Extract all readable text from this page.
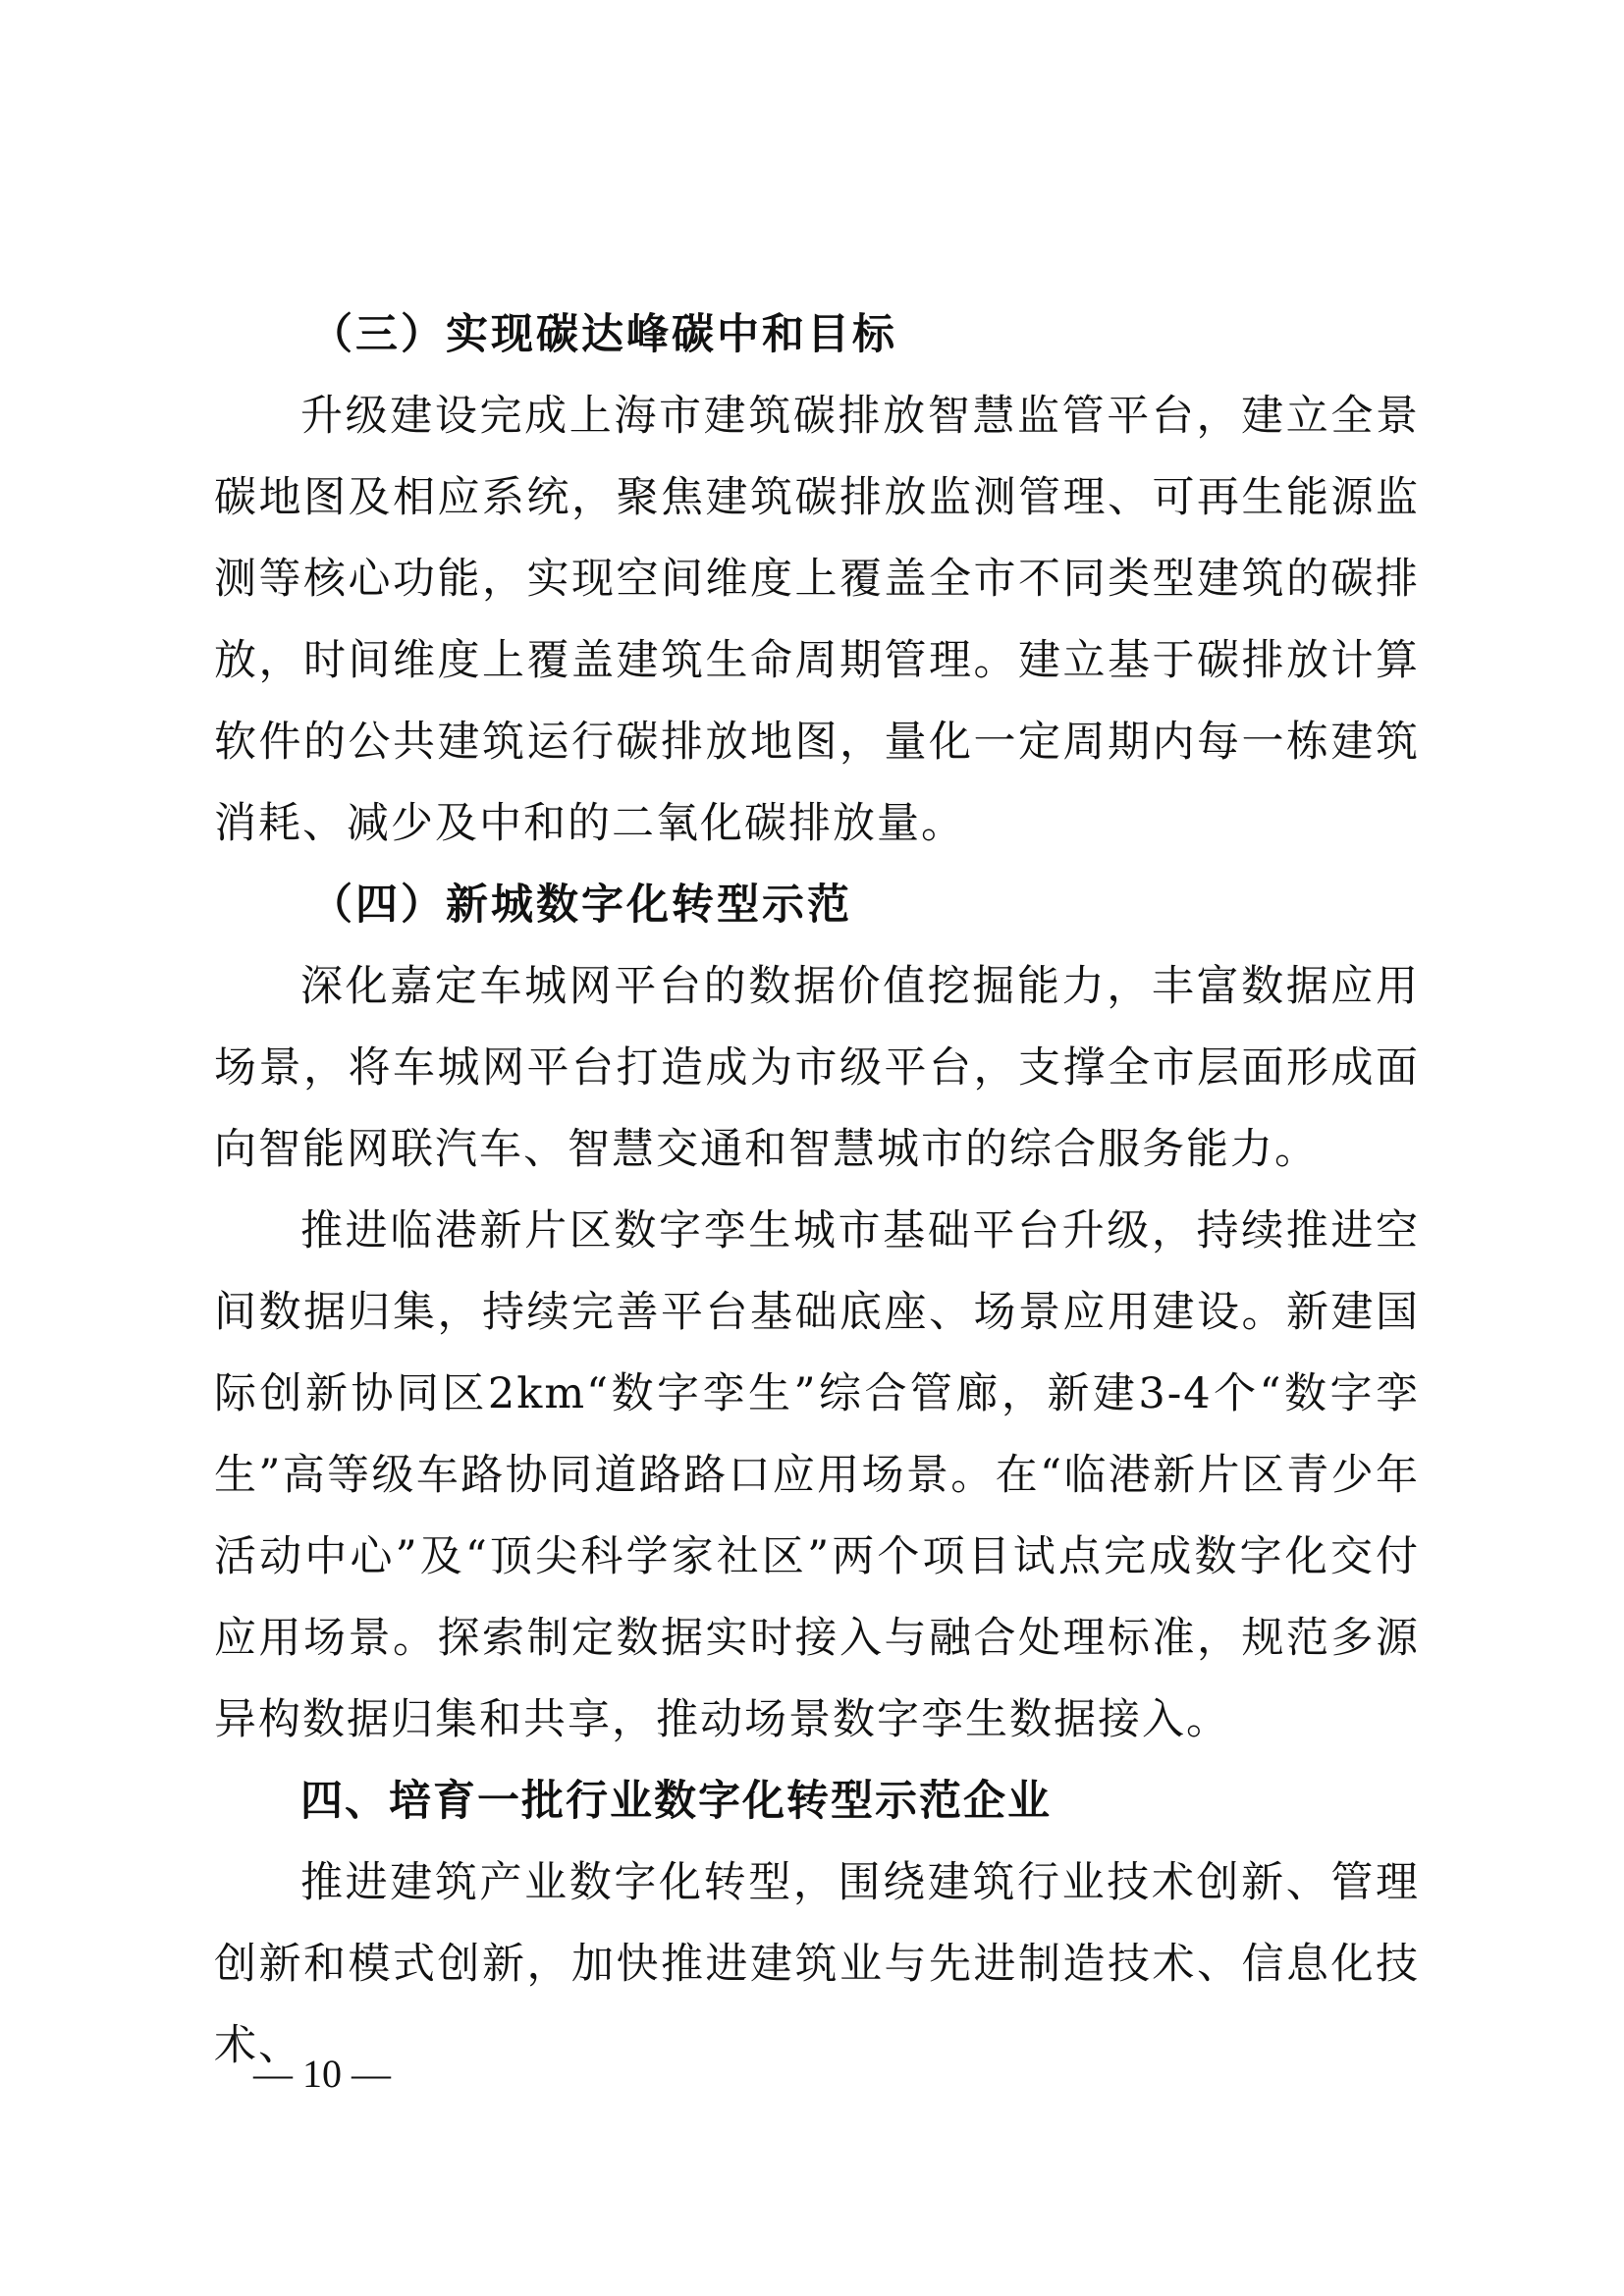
（三）实现碳达峰碳中和目标

升级建设完成上海市建筑碳排放智慧监管平台，建立全景碳地图及相应系统，聚焦建筑碳排放监测管理、可再生能源监测等核心功能，实现空间维度上覆盖全市不同类型建筑的碳排放，时间维度上覆盖建筑生命周期管理。建立基于碳排放计算软件的公共建筑运行碳排放地图，量化一定周期内每一栋建筑消耗、减少及中和的二氧化碳排放量。

（四）新城数字化转型示范

深化嘉定车城网平台的数据价值挖掘能力，丰富数据应用场景，将车城网平台打造成为市级平台，支撑全市层面形成面向智能网联汽车、智慧交通和智慧城市的综合服务能力。

推进临港新片区数字孪生城市基础平台升级，持续推进空间数据归集，持续完善平台基础底座、场景应用建设。新建国际创新协同区2km“数字孪生”综合管廊，新建3-4个“数字孪生”高等级车路协同道路路口应用场景。在“临港新片区青少年活动中心”及“顶尖科学家社区”两个项目试点完成数字化交付应用场景。探索制定数据实时接入与融合处理标准，规范多源异构数据归集和共享，推动场景数字孪生数据接入。

四、培育一批行业数字化转型示范企业

推进建筑产业数字化转型，围绕建筑行业技术创新、管理创新和模式创新，加快推进建筑业与先进制造技术、信息化技术、

— 10 —
